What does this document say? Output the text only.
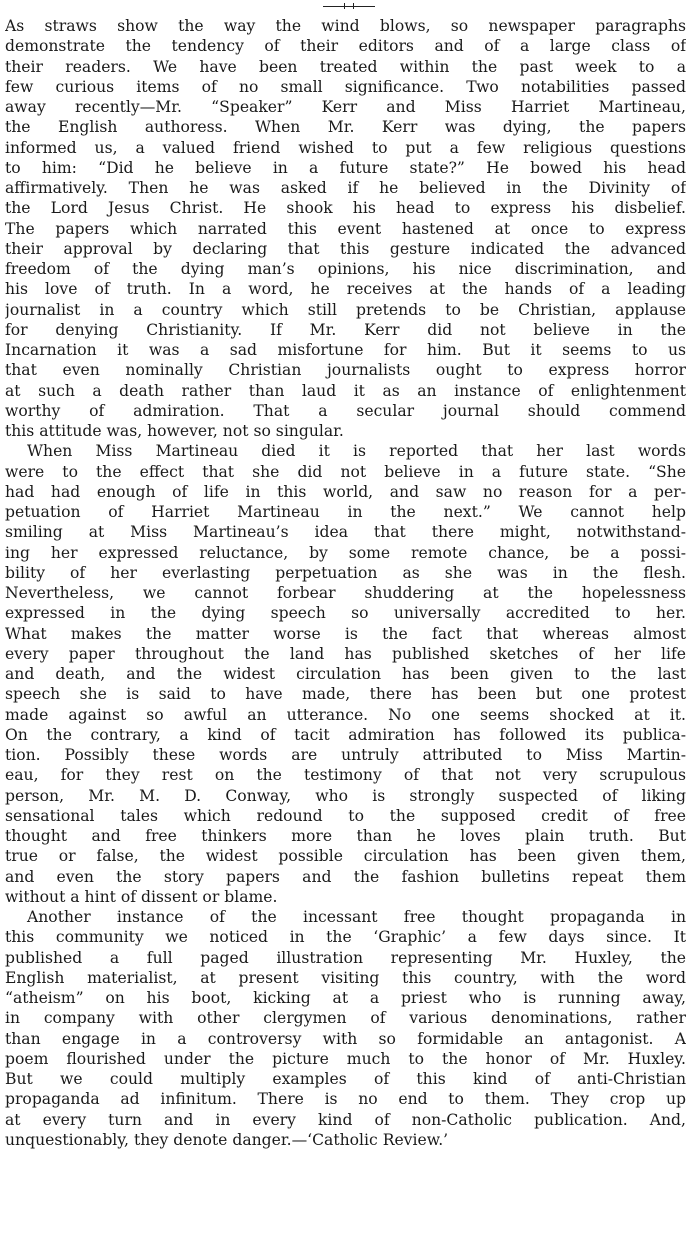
As straws show the way the wind blows, so newspaper paragraphs
demonstrate the tendency of their editors and of a large class of
their readers. We have been treated within the past week to a
few curious items of no small significance. Two notabilities passed
away recently—Mr. “Speaker” Kerr and Miss Harriet Martineau,
the English authoress. When Mr. Kerr was dying, the papers
informed us, a valued friend wished to put a few religious questions
to him: “Did he believe in a future state?” He bowed his head
affirmatively. Then he was asked if he believed in the Divinity of
the Lord Jesus Christ. He shook his head to express his disbelief.
The papers which narrated this event hastened at once to express
their approval by declaring that this gesture indicated the advanced
freedom of the dying man’s opinions, his nice discrimination, and
his love of truth. In a word, he receives at the hands of a leading
journalist in a country which still pretends to be Christian, applause
for denying Christianity. If Mr. Kerr did not believe in the
Incarnation it was a sad misfortune for him. But it seems to us
that even nominally Christian journalists ought to express horror
at such a death rather than laud it as an instance of enlightenment
worthy of admiration. That a secular journal should commend
this attitude was, however, not so singular.

When Miss Martineau died it is reported that her last words
were to the effect that she did not believe in a future state. “She
had had enough of life in this world, and saw no reason for a per-
petuation of Harriet Martineau in the next.” We cannot help
smiling at Miss Martineau’s idea that there might, notwithstand-
ing her expressed reluctance, by some remote chance, be a possi-
bility of her everlasting perpetuation as she was in the flesh.
Nevertheless, we cannot forbear shuddering at the hopelessness
expressed in the dying speech so universally accredited to her.
What makes the matter worse is the fact that whereas almost
every paper throughout the land has published sketches of her life
and death, and the widest circulation has been given to the last
speech she is said to have made, there has been but one protest
made against so awful an utterance. No one seems shocked at it.
On the contrary, a kind of tacit admiration has followed its publica-
tion. Possibly these words are untruly attributed to Miss Martin-
eau, for they rest on the testimony of that not very scrupulous
person, Mr. M. D. Conway, who is strongly suspected of liking
sensational tales which redound to the supposed credit of free
thought and free thinkers more than he loves plain truth. But
true or false, the widest possible circulation has been given them,
and even the story papers and the fashion bulletins repeat them
without a hint of dissent or blame.

Another instance of the incessant free thought propaganda in
this community we noticed in the ‘Graphic’ a few days since. It
published a full paged illustration representing Mr. Huxley, the
English materialist, at present visiting this country, with the word
“atheism” on his boot, kicking at a priest who is running away,
in company with other clergymen of various denominations, rather
than engage in a controversy with so formidable an antagonist. A
poem flourished under the picture much to the honor of Mr. Huxley.
But we could multiply examples of this kind of anti-Christian
propaganda ad infinitum. There is no end to them. They crop up
at every turn and in every kind of non-Catholic publication. And,
unquestionably, they denote danger.—‘Catholic Review.’
